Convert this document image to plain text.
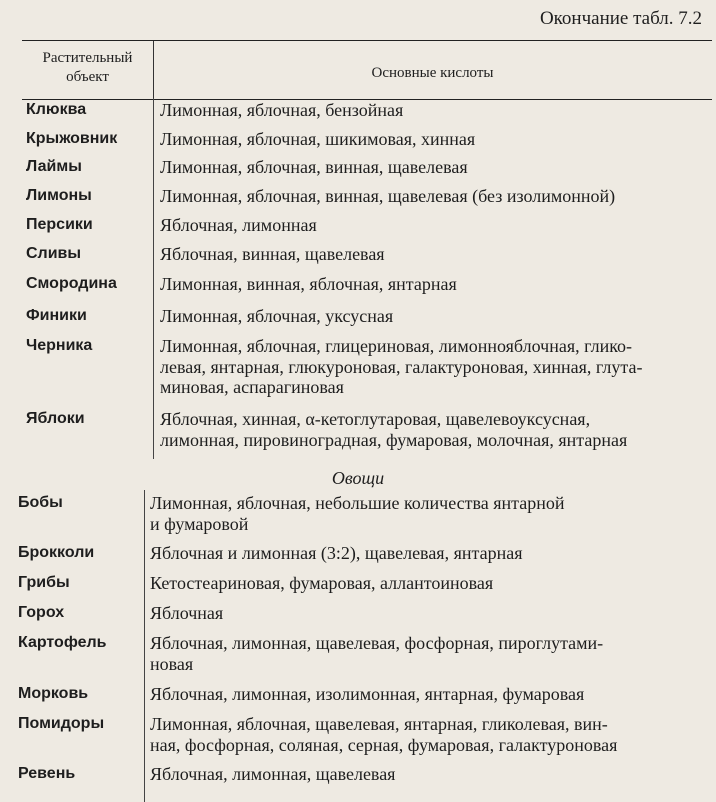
Окончание табл. 7.2
Растительный
объект	Основные кислоты
Овощи
Клюква	Лимонная, яблочная, бензойная
Крыжовник Лимонная, яблочная, шикимовая, хинная
Лаймы	Лимонная, яблочная, винная, щавелевая
Лимоны	Лимонная, яблочная, винная, щавелевая (без изолимонной)
Персики	Яблочная, лимонная
Сливы	Яблочная, винная, щавелевая
Смородина Лимонная, винная, яблочная, янтарная
Финики	Лимонная, яблочная, уксусная
Черника	Лимонная, яблочная, глицериновая, лимоннояблочная, глико-
левая, янтарная, глюкуроновая, галактуроновая, хинная, глута-
миновая, аспарагиновая
Яблоки	Яблочная, хинная, α-кетоглутаровая, щавелевоуксусная,
лимонная, пировиноградная, фумаровая, молочная, янтарная
Бобы	Лимонная, яблочная, небольшие количества янтарной
и фумаровой
Брокколи	Яблочная и лимонная (3:2), щавелевая, янтарная
Грибы	Кетостеариновая, фумаровая, аллантоиновая
Горох	Яблочная
Картофель Яблочная, лимонная, щавелевая, фосфорная, пироглутами-
новая
Морковь	Яблочная, лимонная, изолимонная, янтарная, фумаровая
Помидоры	Лимонная, яблочная, щавелевая, янтарная, гликолевая, вин-
ная, фосфорная, соляная, серная, фумаровая, галактуроновая
Ревень	Яблочная, лимонная, щавелевая
